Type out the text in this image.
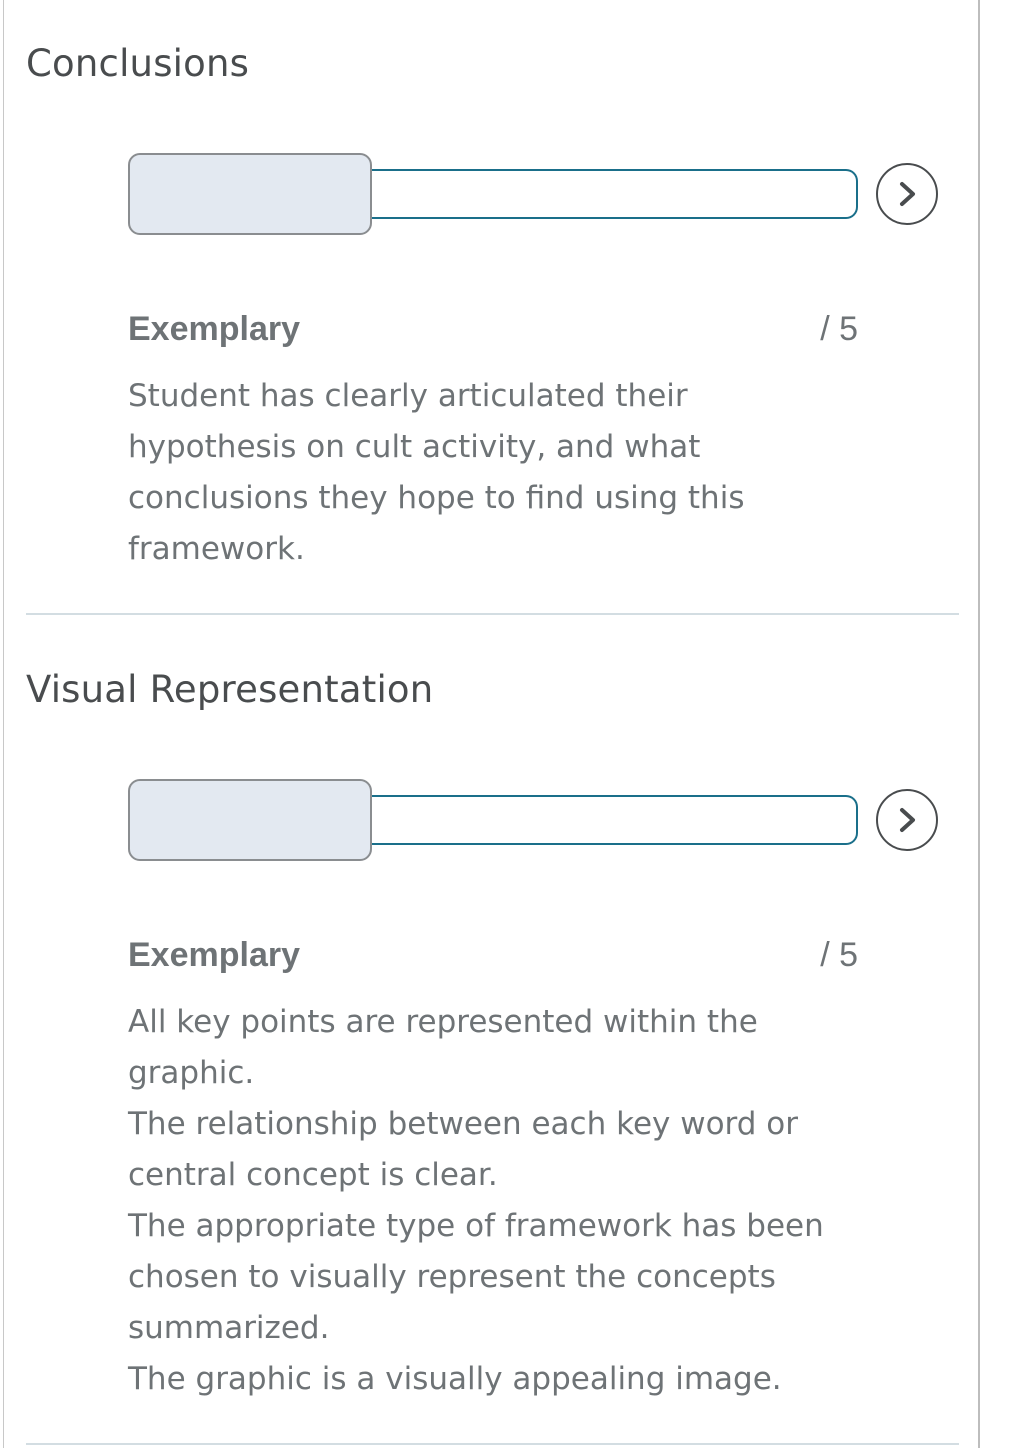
Conclusions
Exemplary	/ 5

Student has clearly articulated their
hypothesis on cult activity, and what
conclusions they hope to find using this
framework.

Visual Representation
Exemplary	/ 5

All key points are represented within the
graphic.
The relationship between each key word or
central concept is clear.
The appropriate type of framework has been
chosen to visually represent the concepts
summarized.
The graphic is a visually appealing image.
